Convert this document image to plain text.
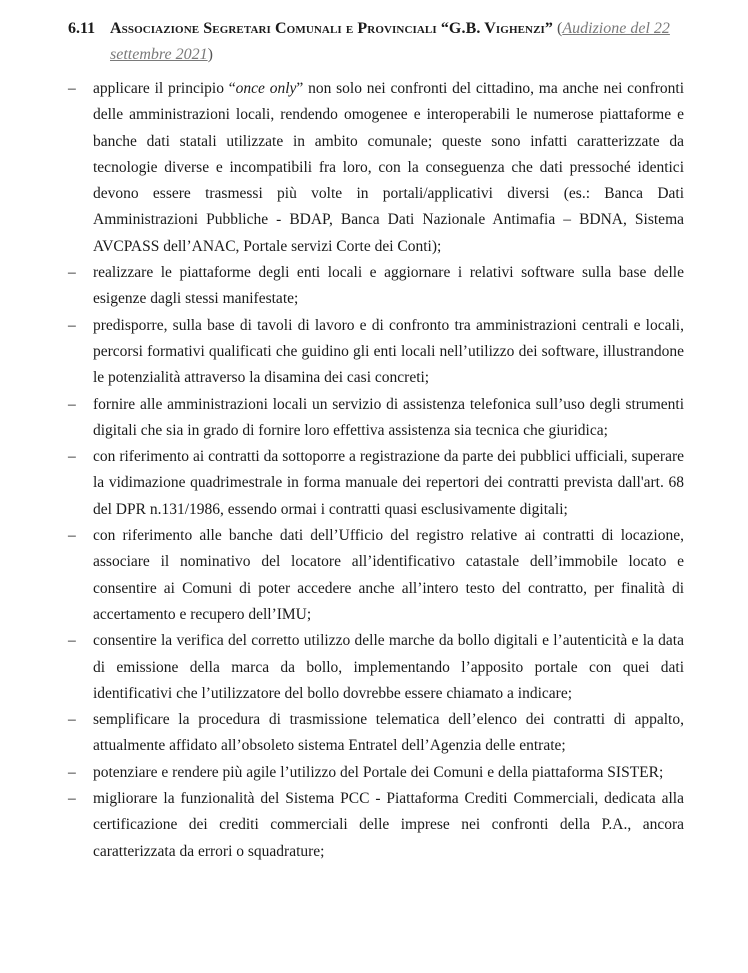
6.11 Associazione Segretari Comunali e Provinciali “G.B. Vighenzi” (Audizione del 22 settembre 2021)
–	applicare il principio “once only” non solo nei confronti del cittadino, ma anche nei confronti delle amministrazioni locali, rendendo omogenee e interoperabili le numerose piattaforme e banche dati statali utilizzate in ambito comunale; queste sono infatti caratterizzate da tecnologie diverse e incompatibili fra loro, con la conseguenza che dati pressoché identici devono essere trasmessi più volte in portali/applicativi diversi (es.: Banca Dati Amministrazioni Pubbliche - BDAP, Banca Dati Nazionale Antimafia – BDNA, Sistema AVCPASS dell’ANAC, Portale servizi Corte dei Conti);
–	realizzare le piattaforme degli enti locali e aggiornare i relativi software sulla base delle esigenze dagli stessi manifestate;
–	predisporre, sulla base di tavoli di lavoro e di confronto tra amministrazioni centrali e locali, percorsi formativi qualificati che guidino gli enti locali nell’utilizzo dei software, illustrandone le potenzialità attraverso la disamina dei casi concreti;
–	fornire alle amministrazioni locali un servizio di assistenza telefonica sull’uso degli strumenti digitali che sia in grado di fornire loro effettiva assistenza sia tecnica che giuridica;
–	con riferimento ai contratti da sottoporre a registrazione da parte dei pubblici ufficiali, superare la vidimazione quadrimestrale in forma manuale dei repertori dei contratti prevista dall'art. 68 del DPR n.131/1986, essendo ormai i contratti quasi esclusivamente digitali;
–	con riferimento alle banche dati dell’Ufficio del registro relative ai contratti di locazione, associare il nominativo del locatore all’identificativo catastale dell’immobile locato e consentire ai Comuni di poter accedere anche all’intero testo del contratto, per finalità di accertamento e recupero dell’IMU;
–	consentire la verifica del corretto utilizzo delle marche da bollo digitali e l’autenticità e la data di emissione della marca da bollo, implementando l’apposito portale con quei dati identificativi che l’utilizzatore del bollo dovrebbe essere chiamato a indicare;
–	semplificare la procedura di trasmissione telematica dell’elenco dei contratti di appalto, attualmente affidato all’obsoleto sistema Entratel dell’Agenzia delle entrate;
–	potenziare e rendere più agile l’utilizzo del Portale dei Comuni e della piattaforma SISTER;
–	migliorare la funzionalità del Sistema PCC - Piattaforma Crediti Commerciali, dedicata alla certificazione dei crediti commerciali delle imprese nei confronti della P.A., ancora caratterizzata da errori o squadrature;
